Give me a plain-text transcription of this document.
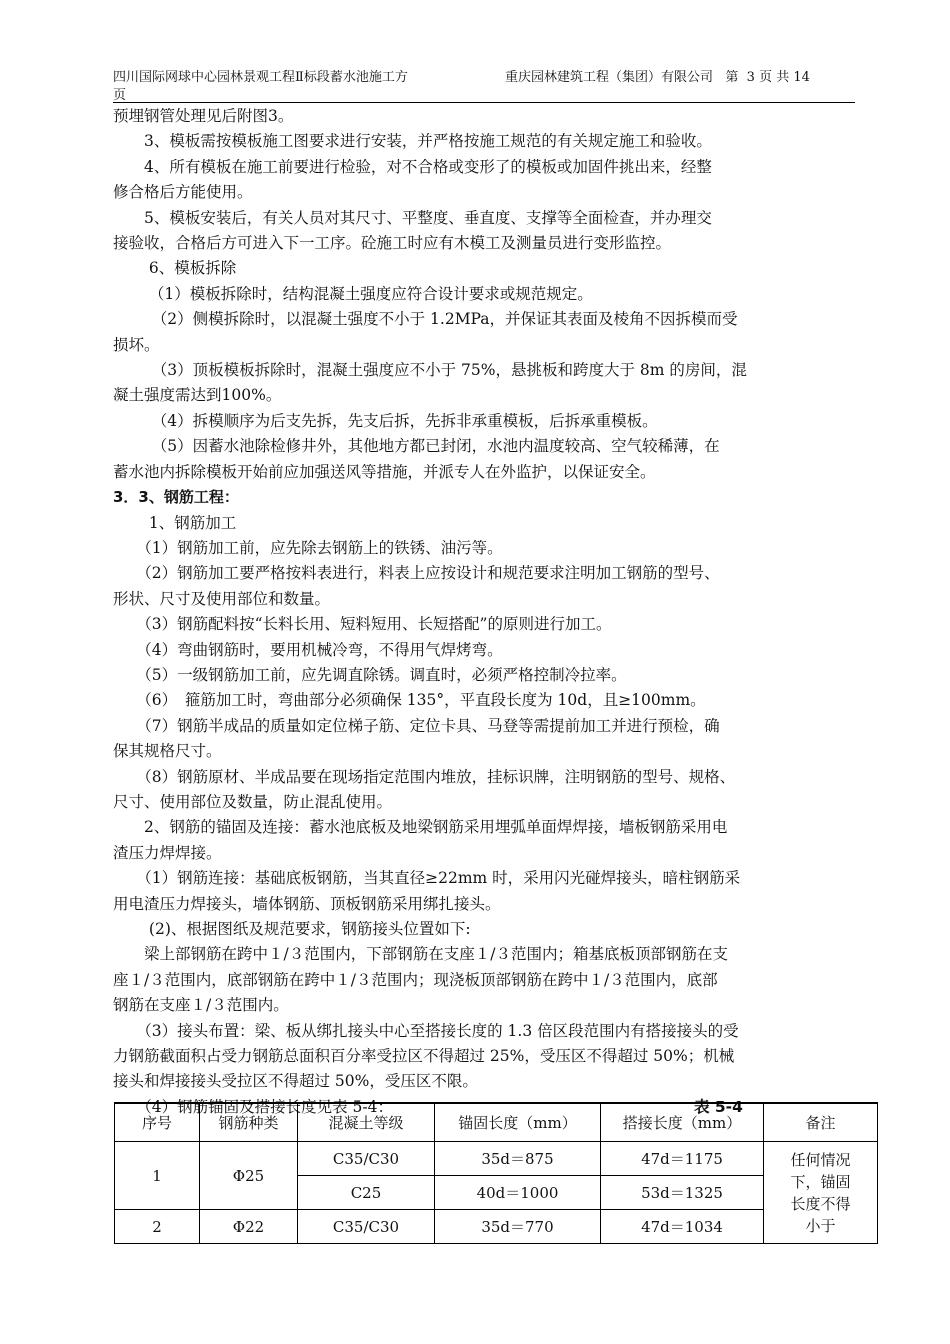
四川国际网球中心园林景观工程Ⅱ标段蓄水池施工方	重庆园林建筑工程（集团）有限公司   第  3 页 共 14
页

预埋钢管处理见后附图3。

　　3、模板需按模板施工图要求进行安装，并严格按施工规范的有关规定施工和验收。

　　4、所有模板在施工前要进行检验，对不合格或变形了的模板或加固件挑出来，经整

修合格后方能使用。

　　5、模板安装后，有关人员对其尺寸、平整度、垂直度、支撑等全面检查，并办理交

接验收，合格后方可进入下一工序。砼施工时应有木模工及测量员进行变形监控。

　　 6、模板拆除

　　 （1）模板拆除时，结构混凝土强度应符合设计要求或规范规定。

　　　（2）侧模拆除时，以混凝土强度不小于 1.2MPa，并保证其表面及棱角不因拆模而受

损坏。

　　　（3）顶板模板拆除时，混凝土强度应不小于 75%，悬挑板和跨度大于 8m 的房间，混

凝土强度需达到100%。

　　　（4）拆模顺序为后支先拆，先支后拆，先拆非承重模板，后拆承重模板。

　　　（5）因蓄水池除检修井外，其他地方都已封闭，水池内温度较高、空气较稀薄，在

蓄水池内拆除模板开始前应加强送风等措施，并派专人在外监护，以保证安全。

3．3、钢筋工程：

　　 1、钢筋加工

　　（1）钢筋加工前，应先除去钢筋上的铁锈、油污等。

　　（2）钢筋加工要严格按料表进行，料表上应按设计和规范要求注明加工钢筋的型号、

形状、尺寸及使用部位和数量。

　　（3）钢筋配料按“长料长用、短料短用、长短搭配”的原则进行加工。

　　（4）弯曲钢筋时，要用机械冷弯，不得用气焊烤弯。

　　（5）一级钢筋加工前，应先调直除锈。调直时，必须严格控制冷拉率。

　　（6）　箍筋加工时，弯曲部分必须确保 135°，平直段长度为 10d，且≥100mm。

　　（7）钢筋半成品的质量如定位梯子筋、定位卡具、马登等需提前加工并进行预检，确

保其规格尺寸。

　　（8）钢筋原材、半成品要在现场指定范围内堆放，挂标识牌，注明钢筋的型号、规格、

尺寸、使用部位及数量，防止混乱使用。

　　2、钢筋的锚固及连接：蓄水池底板及地梁钢筋采用埋弧单面焊焊接，墙板钢筋采用电

渣压力焊焊接。

　　（1）钢筋连接：基础底板钢筋，当其直径≥22mm 时，采用闪光碰焊接头，暗柱钢筋采

用电渣压力焊接头，墙体钢筋、顶板钢筋采用绑扎接头。

　　 (2)、根据图纸及规范要求，钢筋接头位置如下:

　　梁上部钢筋在跨中１/３范围内，下部钢筋在支座１/３范围内；箱基底板顶部钢筋在支

座１/３范围内，底部钢筋在跨中１/３范围内；现浇板顶部钢筋在跨中１/３范围内，底部

钢筋在支座１/３范围内。

　　（3）接头布置：梁、板从绑扎接头中心至搭接长度的 1.3 倍区段范围内有搭接接头的受

力钢筋截面积占受力钢筋总面积百分率受拉区不得超过 25%，受压区不得超过 50%；机械

接头和焊接接头受拉区不得超过 50%，受压区不限。

　　（4）钢筋锚固及搭接长度见表 5-4：	表 5-4
序号	钢筋种类	混凝土等级	锚固长度（mm）	搭接长度（mm）	备注
1	Φ25	C35/C30	35d＝875	47d＝1175	任何情况
下，锚固
长度不得
小于

		C25	40d＝1000	53d＝1325	
2	Φ22	C35/C30	35d＝770	47d＝1034	
